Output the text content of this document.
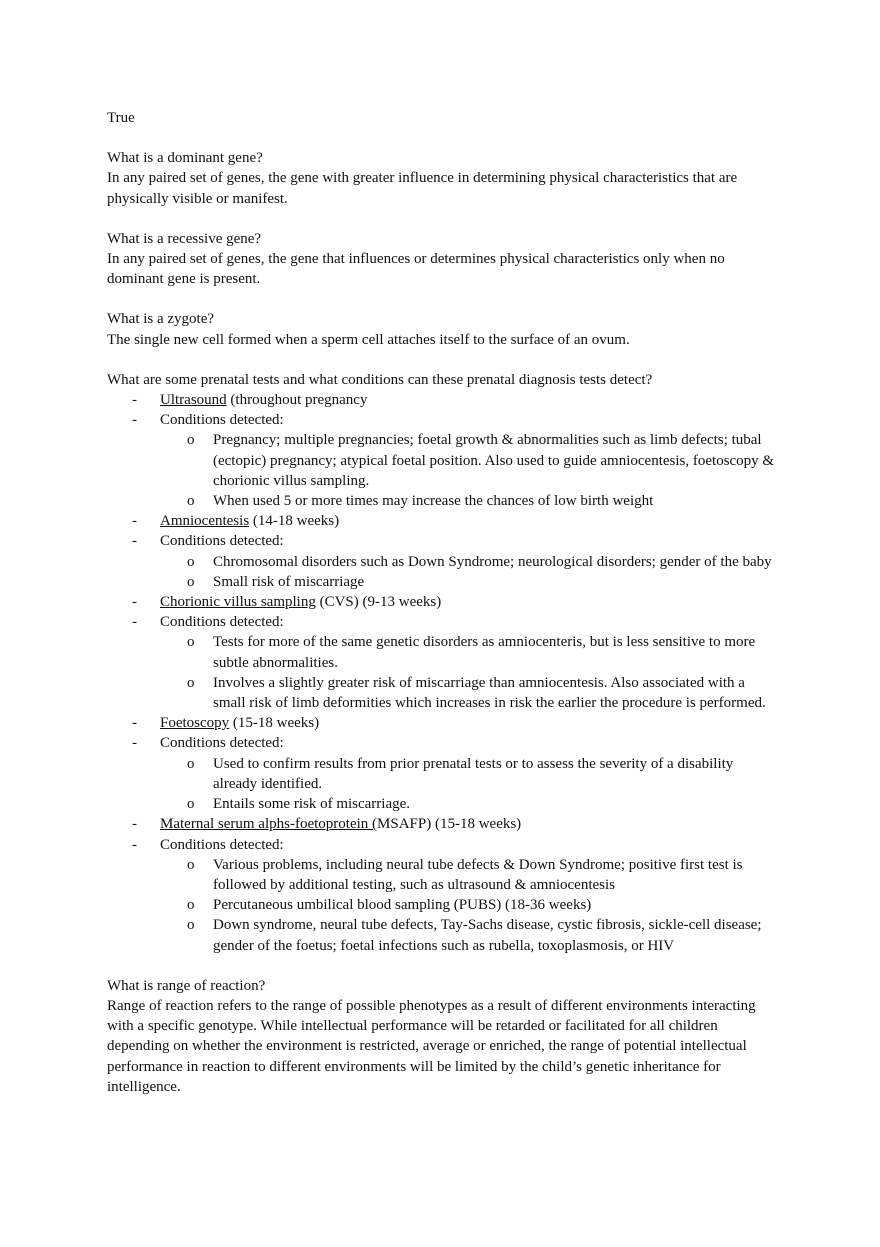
True

What is a dominant gene?

In any paired set of genes, the gene with greater influence in determining physical characteristics that are physically visible or manifest.

What is a recessive gene?

In any paired set of genes, the gene that influences or determines physical characteristics only when no dominant gene is present.

What is a zygote?

The single new cell formed when a sperm cell attaches itself to the surface of an ovum.

What are some prenatal tests and what conditions can these prenatal diagnosis tests detect?

- Ultrasound (throughout pregnancy
- Conditions detected:
o Pregnancy; multiple pregnancies; foetal growth & abnormalities such as limb defects; tubal (ectopic) pregnancy; atypical foetal position. Also used to guide amniocentesis, foetoscopy & chorionic villus sampling.
o When used 5 or more times may increase the chances of low birth weight
- Amniocentesis (14-18 weeks)
- Conditions detected:
o Chromosomal disorders such as Down Syndrome; neurological disorders; gender of the baby
o Small risk of miscarriage
- Chorionic villus sampling (CVS) (9-13 weeks)
- Conditions detected:
o Tests for more of the same genetic disorders as amniocenteris, but is less sensitive to more subtle abnormalities.
o Involves a slightly greater risk of miscarriage than amniocentesis. Also associated with a small risk of limb deformities which increases in risk the earlier the procedure is performed.
- Foetoscopy (15-18 weeks)
- Conditions detected:
o Used to confirm results from prior prenatal tests or to assess the severity of a disability already identified.
o Entails some risk of miscarriage.
- Maternal serum alphs-foetoprotein (MSAFP) (15-18 weeks)
- Conditions detected:
o Various problems, including neural tube defects & Down Syndrome; positive first test is followed by additional testing, such as ultrasound & amniocentesis
o Percutaneous umbilical blood sampling (PUBS) (18-36 weeks)
o Down syndrome, neural tube defects, Tay-Sachs disease, cystic fibrosis, sickle-cell disease; gender of the foetus; foetal infections such as rubella, toxoplasmosis, or HIV

What is range of reaction?

Range of reaction refers to the range of possible phenotypes as a result of different environments interacting with a specific genotype. While intellectual performance will be retarded or facilitated for all children depending on whether the environment is restricted, average or enriched, the range of potential intellectual performance in reaction to different environments will be limited by the child’s genetic inheritance for intelligence.
